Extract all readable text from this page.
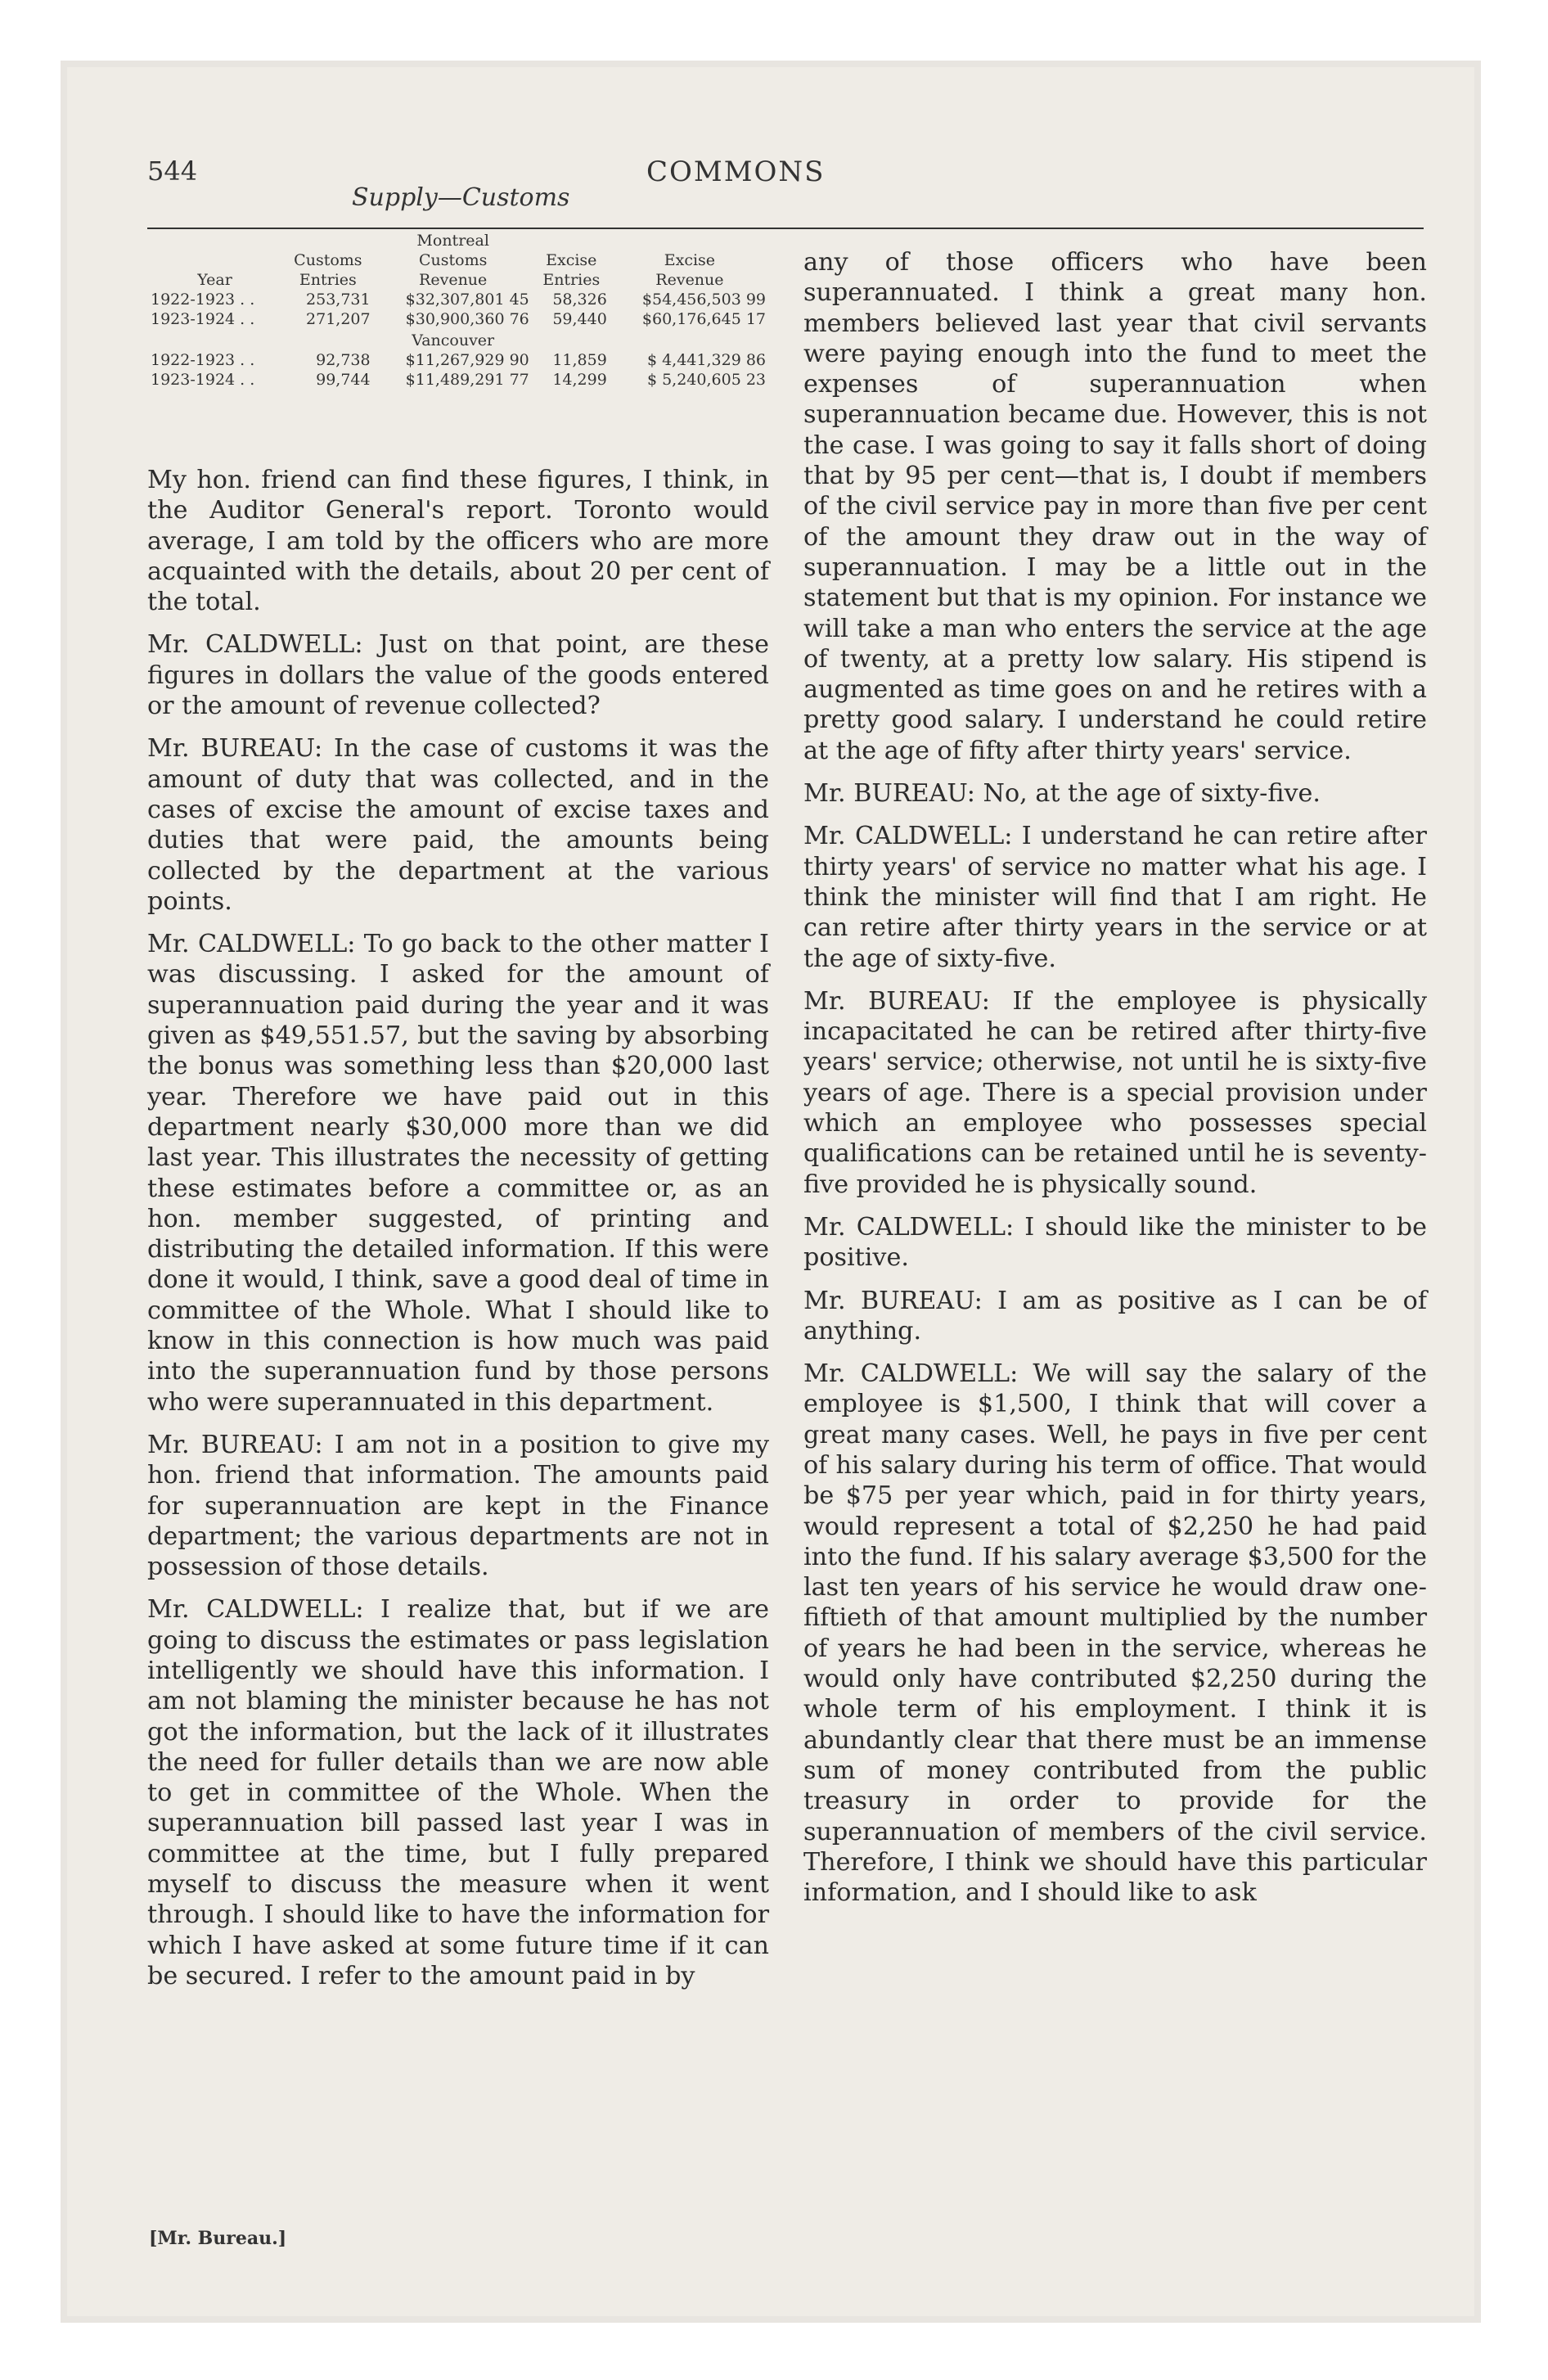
544	COMMONS
Supply—Customs
		Montreal		
	Customs	Customs	Excise	Excise
Year	Entries	Revenue	Entries	Revenue
1922-1923 . .	253,731	$32,307,801 45	58,326	$54,456,503 99
1923-1924 . .	271,207	$30,900,360 76	59,440	$60,176,645 17
		Vancouver		
1922-1923 . .	92,738	$11,267,929 90	11,859	$ 4,441,329 86
1923-1924 . .	99,744	$11,489,291 77	14,299	$ 5,240,605 23

My hon. friend can find these figures, I think, in the Auditor General's report. Toronto would average, I am told by the officers who are more acquainted with the details, about 20 per cent of the total.

Mr. CALDWELL: Just on that point, are these figures in dollars the value of the goods entered or the amount of revenue collected?

Mr. BUREAU: In the case of customs it was the amount of duty that was collected, and in the cases of excise the amount of excise taxes and duties that were paid, the amounts being collected by the department at the various points.

Mr. CALDWELL: To go back to the other matter I was discussing. I asked for the amount of superannuation paid during the year and it was given as $49,551.57, but the saving by absorbing the bonus was something less than $20,000 last year. Therefore we have paid out in this department nearly $30,000 more than we did last year. This illustrates the necessity of getting these estimates before a committee or, as an hon. member suggested, of printing and distributing the detailed information. If this were done it would, I think, save a good deal of time in committee of the Whole. What I should like to know in this connection is how much was paid into the superannuation fund by those persons who were superannuated in this department.

Mr. BUREAU: I am not in a position to give my hon. friend that information. The amounts paid for superannuation are kept in the Finance department; the various departments are not in possession of those details.

Mr. CALDWELL: I realize that, but if we are going to discuss the estimates or pass legislation intelligently we should have this information. I am not blaming the minister because he has not got the information, but the lack of it illustrates the need for fuller details than we are now able to get in committee of the Whole. When the superannuation bill passed last year I was in committee at the time, but I fully prepared myself to discuss the measure when it went through. I should like to have the information for which I have asked at some future time if it can be secured. I refer to the amount paid in by

any of those officers who have been superannuated. I think a great many hon. members believed last year that civil servants were paying enough into the fund to meet the expenses of superannuation when superannuation became due. However, this is not the case. I was going to say it falls short of doing that by 95 per cent—that is, I doubt if members of the civil service pay in more than five per cent of the amount they draw out in the way of superannuation. I may be a little out in the statement but that is my opinion. For instance we will take a man who enters the service at the age of twenty, at a pretty low salary. His stipend is augmented as time goes on and he retires with a pretty good salary. I understand he could retire at the age of fifty after thirty years' service.

Mr. BUREAU: No, at the age of sixty-five.

Mr. CALDWELL: I understand he can retire after thirty years' of service no matter what his age. I think the minister will find that I am right. He can retire after thirty years in the service or at the age of sixty-five.

Mr. BUREAU: If the employee is physically incapacitated he can be retired after thirty-five years' service; otherwise, not until he is sixty-five years of age. There is a special provision under which an employee who possesses special qualifications can be retained until he is seventy-five provided he is physically sound.

Mr. CALDWELL: I should like the minister to be positive.

Mr. BUREAU: I am as positive as I can be of anything.

Mr. CALDWELL: We will say the salary of the employee is $1,500, I think that will cover a great many cases. Well, he pays in five per cent of his salary during his term of office. That would be $75 per year which, paid in for thirty years, would represent a total of $2,250 he had paid into the fund. If his salary average $3,500 for the last ten years of his service he would draw one-fiftieth of that amount multiplied by the number of years he had been in the service, whereas he would only have contributed $2,250 during the whole term of his employment. I think it is abundantly clear that there must be an immense sum of money contributed from the public treasury in order to provide for the superannuation of members of the civil service. Therefore, I think we should have this particular information, and I should like to ask

[Mr. Bureau.]
